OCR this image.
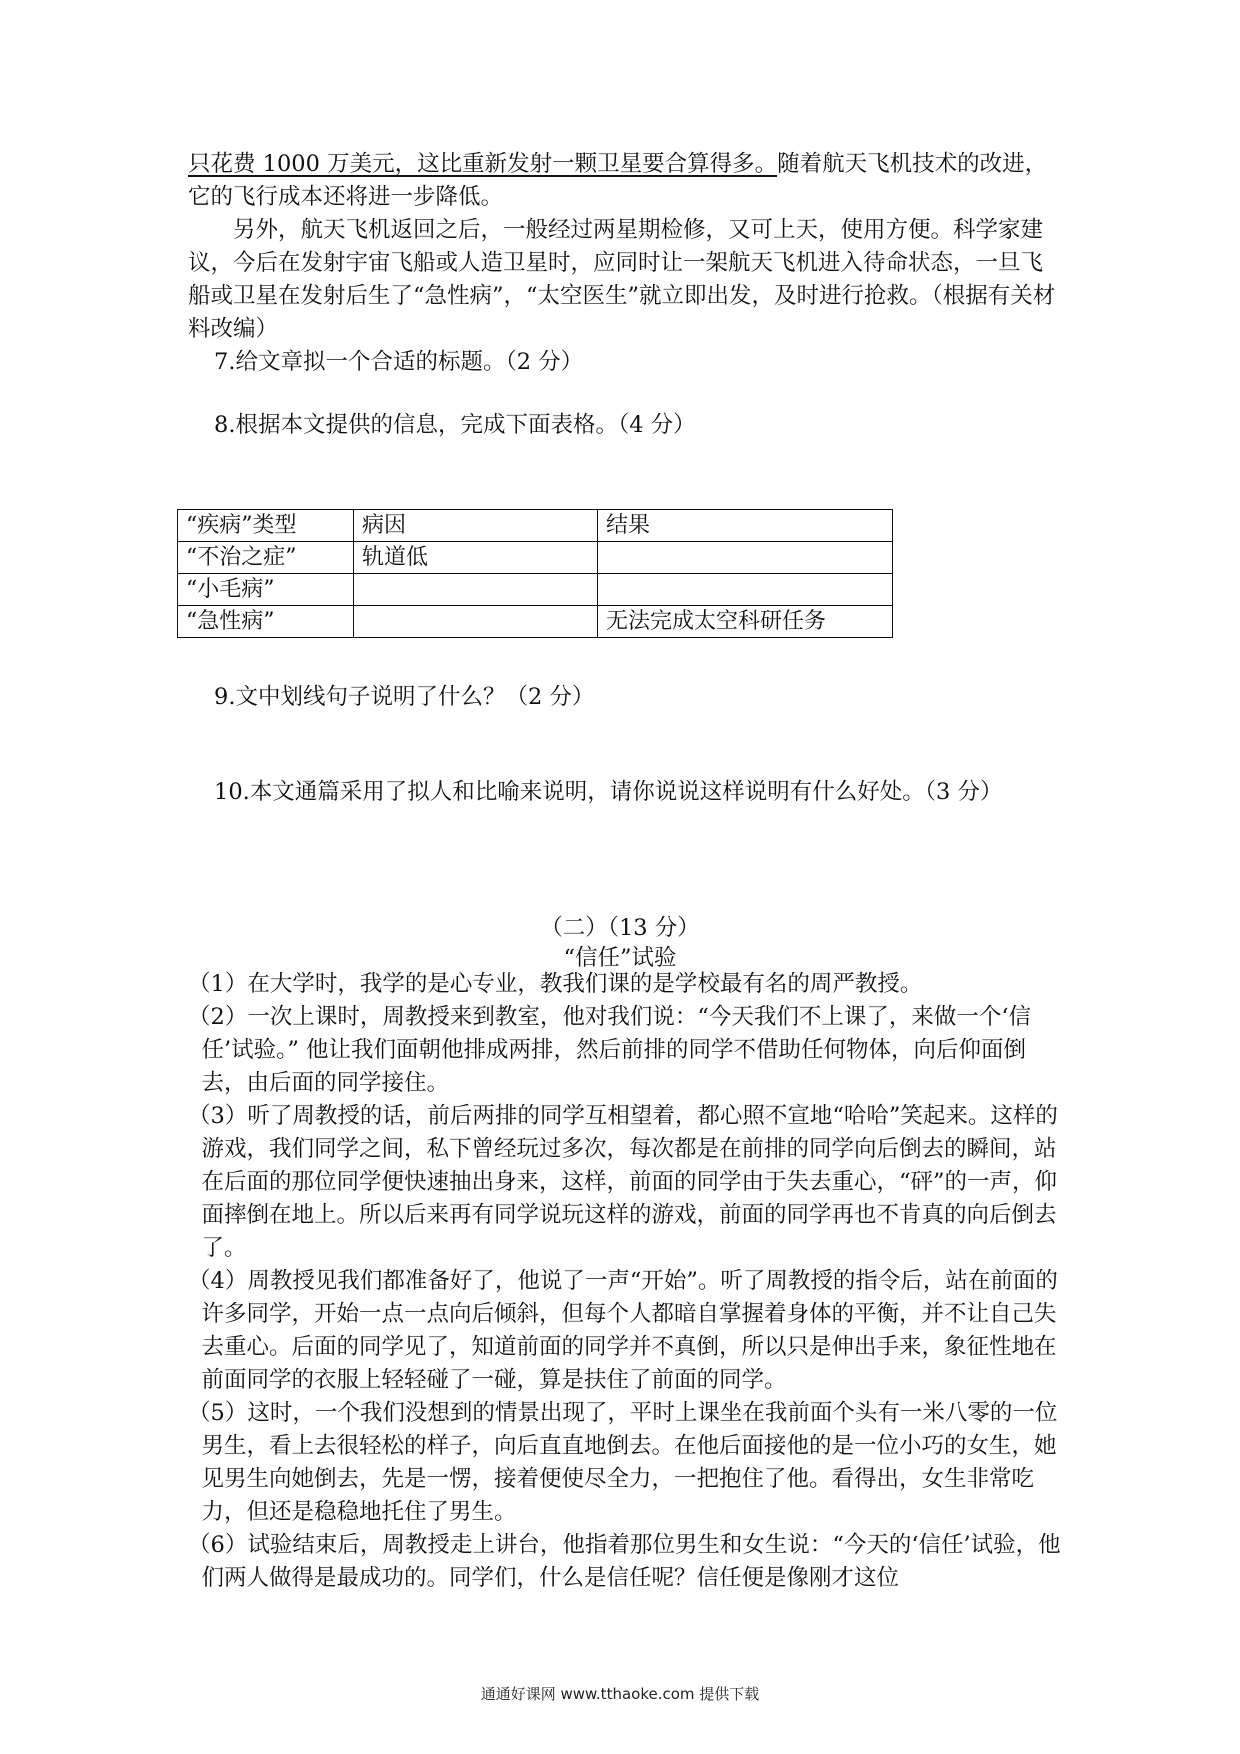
只花费 1000 万美元，这比重新发射一颗卫星要合算得多。随着航天飞机技术的改进，它的飞行成本还将进一步降低。

另外，航天飞机返回之后，一般经过两星期检修，又可上天，使用方便。科学家建议，今后在发射宇宙飞船或人造卫星时，应同时让一架航天飞机进入待命状态，一旦飞船或卫星在发射后生了“急性病”，“太空医生”就立即出发，及时进行抢救。（根据有关材料改编）

7.给文章拟一个合适的标题。（2 分）

8.根据本文提供的信息，完成下面表格。（4 分）

“疾病”类型	病因	结果
“不治之症”	轨道低	
“小毛病”		
“急性病”		无法完成太空科研任务

9.文中划线句子说明了什么？（2 分）

10.本文通篇采用了拟人和比喻来说明，请你说说这样说明有什么好处。（3 分）

（二）（13 分）
“信任”试验

（1）在大学时，我学的是心专业，教我们课的是学校最有名的周严教授。

（2）一次上课时，周教授来到教室，他对我们说：“今天我们不上课了，来做一个‘信任’试验。” 他让我们面朝他排成两排，然后前排的同学不借助任何物体，向后仰面倒去，由后面的同学接住。

（3）听了周教授的话，前后两排的同学互相望着，都心照不宣地“哈哈”笑起来。这样的游戏，我们同学之间，私下曾经玩过多次，每次都是在前排的同学向后倒去的瞬间，站在后面的那位同学便快速抽出身来，这样，前面的同学由于失去重心，“砰”的一声，仰面摔倒在地上。所以后来再有同学说玩这样的游戏，前面的同学再也不肯真的向后倒去了。

（4）周教授见我们都准备好了，他说了一声“开始”。听了周教授的指令后，站在前面的许多同学，开始一点一点向后倾斜，但每个人都暗自掌握着身体的平衡，并不让自己失去重心。后面的同学见了，知道前面的同学并不真倒，所以只是伸出手来，象征性地在前面同学的衣服上轻轻碰了一碰，算是扶住了前面的同学。

（5）这时，一个我们没想到的情景出现了，平时上课坐在我前面个头有一米八零的一位男生，看上去很轻松的样子，向后直直地倒去。在他后面接他的是一位小巧的女生，她见男生向她倒去，先是一愣，接着便使尽全力，一把抱住了他。看得出，女生非常吃力，但还是稳稳地托住了男生。

（6）试验结束后，周教授走上讲台，他指着那位男生和女生说：“今天的‘信任’试验，他们两人做得是最成功的。同学们，什么是信任呢？信任便是像刚才这位

通通好课网 www.tthaoke.com 提供下载
